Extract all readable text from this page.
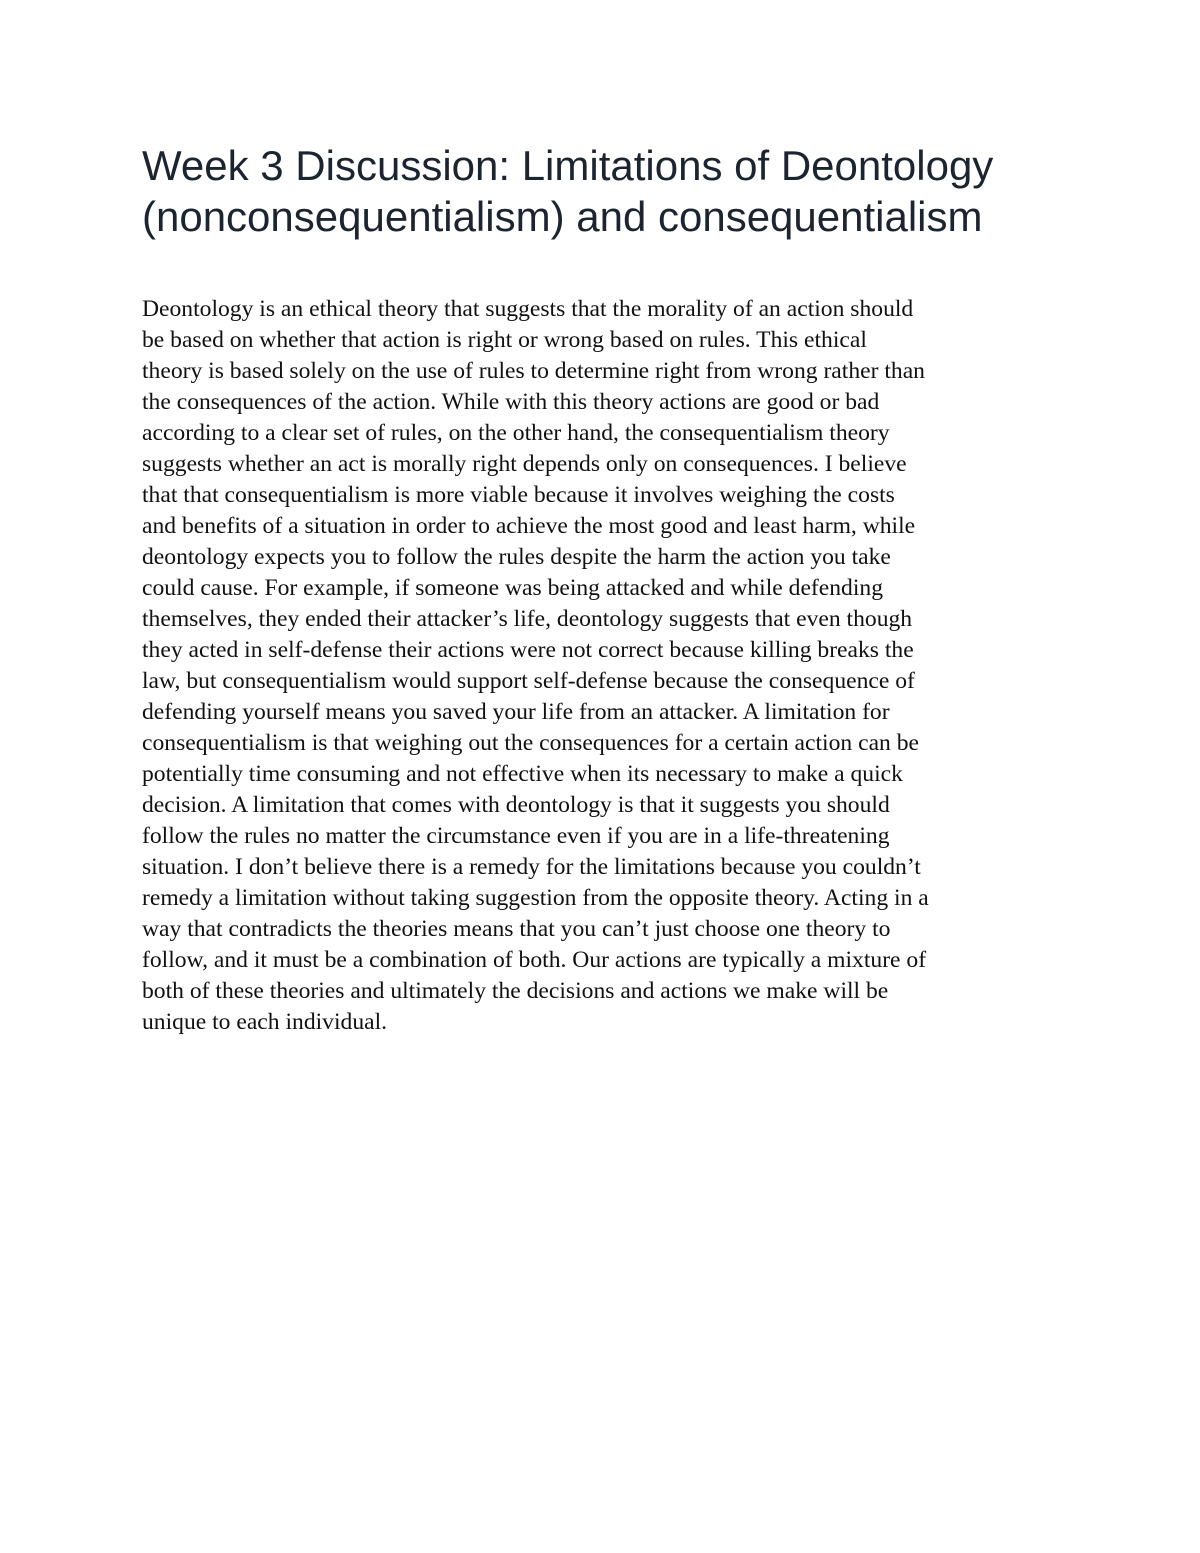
Week 3 Discussion: Limitations of Deontology
(nonconsequentialism) and consequentialism

Deontology is an ethical theory that suggests that the morality of an action should
be based on whether that action is right or wrong based on rules. This ethical
theory is based solely on the use of rules to determine right from wrong rather than
the consequences of the action. While with this theory actions are good or bad
according to a clear set of rules, on the other hand, the consequentialism theory
suggests whether an act is morally right depends only on consequences. I believe
that that consequentialism is more viable because it involves weighing the costs
and benefits of a situation in order to achieve the most good and least harm, while
deontology expects you to follow the rules despite the harm the action you take
could cause. For example, if someone was being attacked and while defending
themselves, they ended their attacker’s life, deontology suggests that even though
they acted in self-defense their actions were not correct because killing breaks the
law, but consequentialism would support self-defense because the consequence of
defending yourself means you saved your life from an attacker. A limitation for
consequentialism is that weighing out the consequences for a certain action can be
potentially time consuming and not effective when its necessary to make a quick
decision. A limitation that comes with deontology is that it suggests you should
follow the rules no matter the circumstance even if you are in a life-threatening
situation. I don’t believe there is a remedy for the limitations because you couldn’t
remedy a limitation without taking suggestion from the opposite theory. Acting in a
way that contradicts the theories means that you can’t just choose one theory to
follow, and it must be a combination of both. Our actions are typically a mixture of
both of these theories and ultimately the decisions and actions we make will be
unique to each individual.
